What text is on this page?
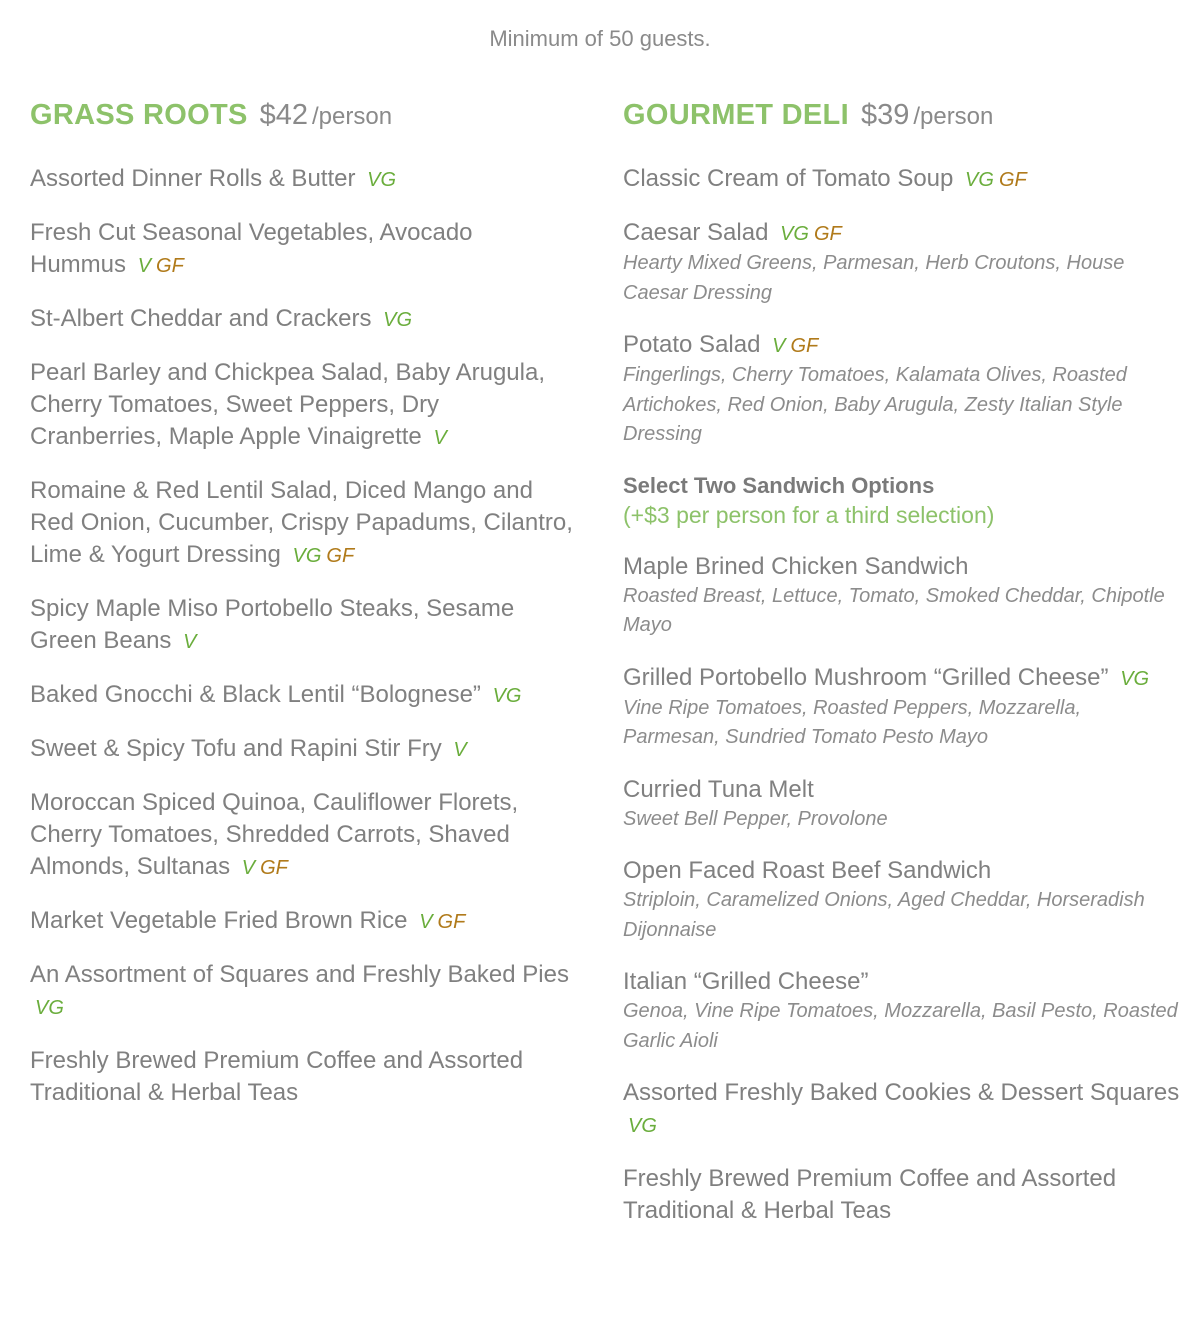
Minimum of 50 guests.
GRASS ROOTS $42 /person
Assorted Dinner Rolls & Butter VG
Fresh Cut Seasonal Vegetables, Avocado Hummus V GF
St-Albert Cheddar and Crackers VG
Pearl Barley and Chickpea Salad, Baby Arugula, Cherry Tomatoes, Sweet Peppers, Dry Cranberries, Maple Apple Vinaigrette V
Romaine & Red Lentil Salad, Diced Mango and Red Onion, Cucumber, Crispy Papadums, Cilantro, Lime & Yogurt Dressing VG GF
Spicy Maple Miso Portobello Steaks, Sesame Green Beans V
Baked Gnocchi & Black Lentil “Bolognese” VG
Sweet & Spicy Tofu and Rapini Stir Fry V
Moroccan Spiced Quinoa, Cauliflower Florets, Cherry Tomatoes, Shredded Carrots, Shaved Almonds, Sultanas V GF
Market Vegetable Fried Brown Rice V GF
An Assortment of Squares and Freshly Baked Pies VG
Freshly Brewed Premium Coffee and Assorted Traditional & Herbal Teas
GOURMET DELI $39 /person
Classic Cream of Tomato Soup VG GF
Caesar Salad VG GF
Hearty Mixed Greens, Parmesan, Herb Croutons, House Caesar Dressing
Potato Salad V GF
Fingerlings, Cherry Tomatoes, Kalamata Olives, Roasted Artichokes, Red Onion, Baby Arugula, Zesty Italian Style Dressing
Select Two Sandwich Options
(+$3 per person for a third selection)
Maple Brined Chicken Sandwich
Roasted Breast, Lettuce, Tomato, Smoked Cheddar, Chipotle Mayo
Grilled Portobello Mushroom “Grilled Cheese” VG
Vine Ripe Tomatoes, Roasted Peppers, Mozzarella, Parmesan, Sundried Tomato Pesto Mayo
Curried Tuna Melt
Sweet Bell Pepper, Provolone
Open Faced Roast Beef Sandwich
Striploin, Caramelized Onions, Aged Cheddar, Horseradish Dijonnaise
Italian “Grilled Cheese”
Genoa, Vine Ripe Tomatoes, Mozzarella, Basil Pesto, Roasted Garlic Aioli
Assorted Freshly Baked Cookies & Dessert Squares VG
Freshly Brewed Premium Coffee and Assorted Traditional & Herbal Teas
